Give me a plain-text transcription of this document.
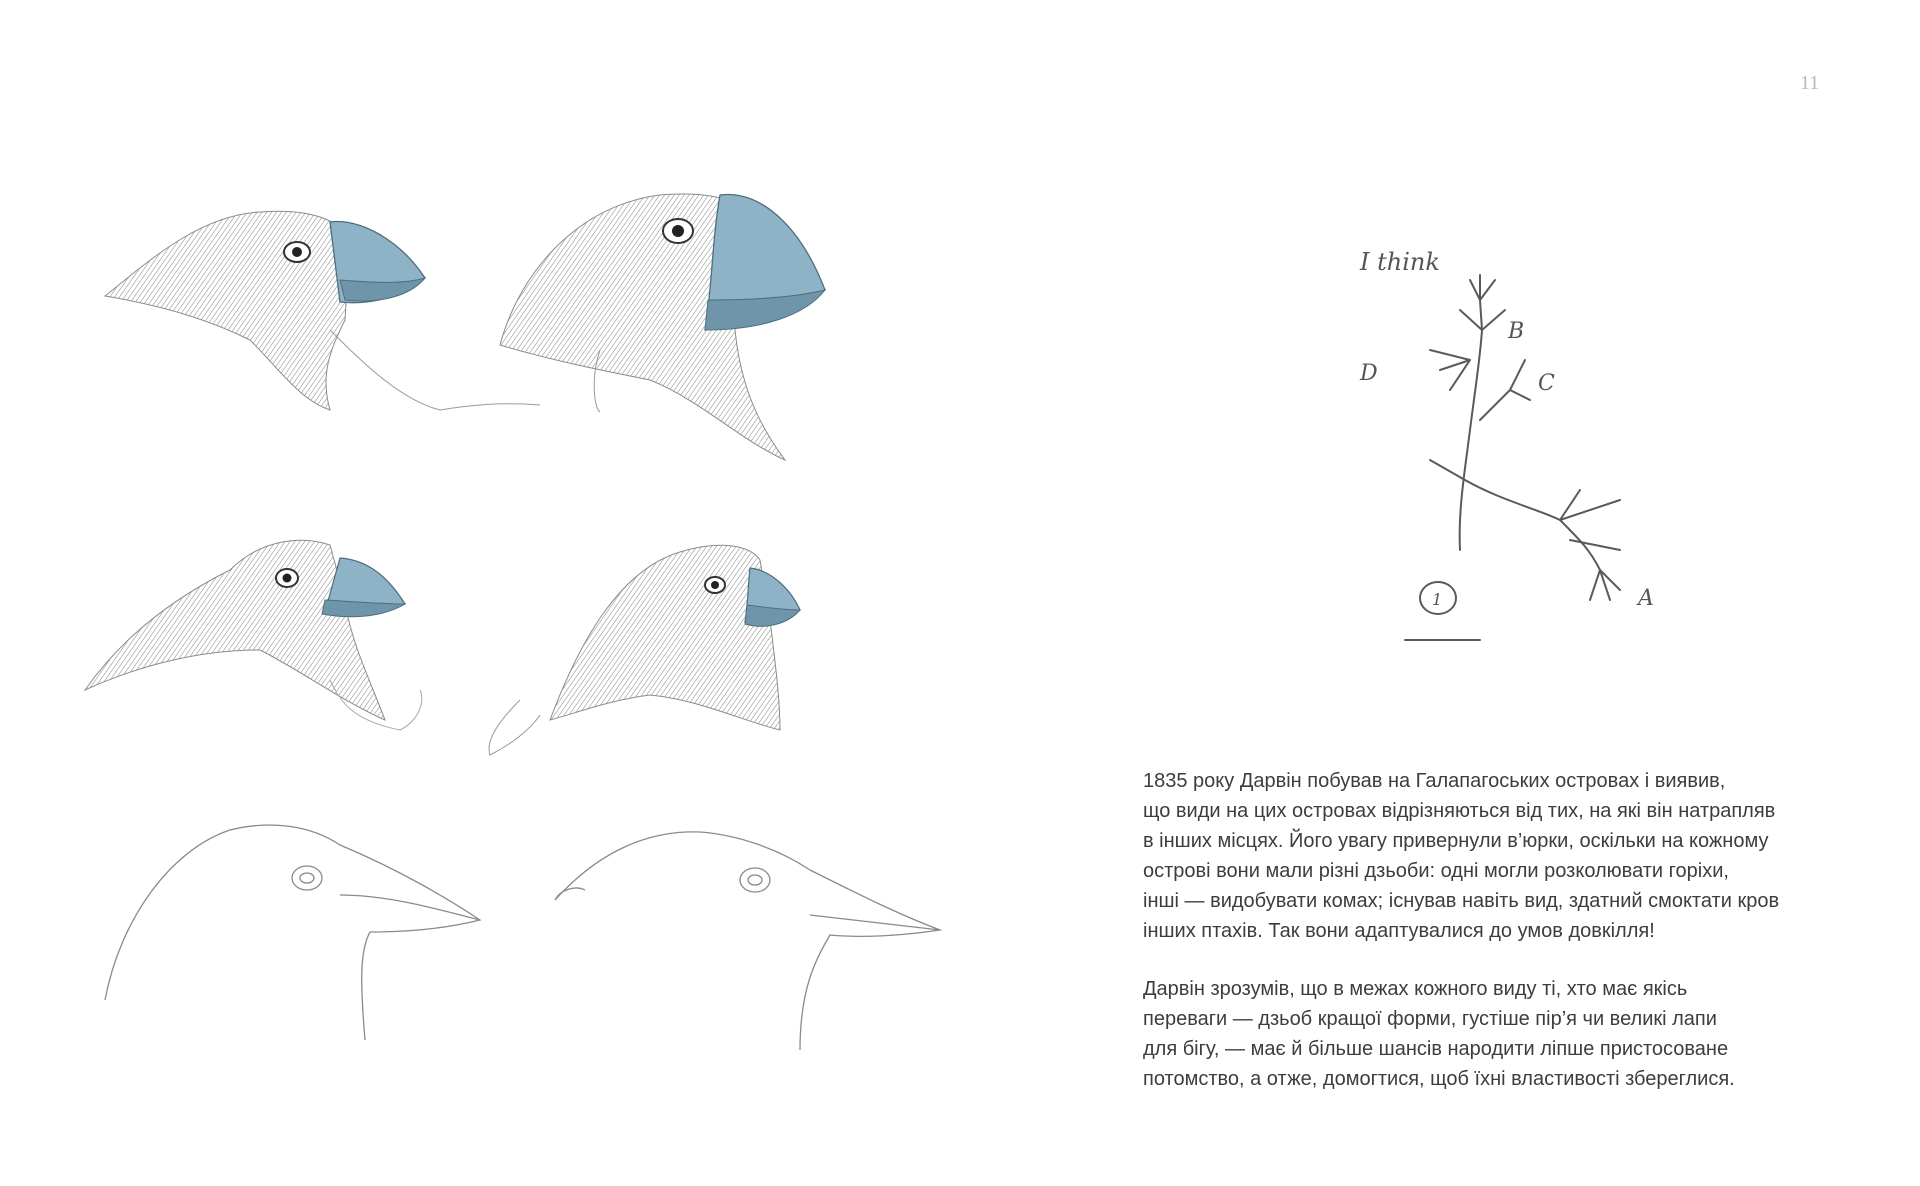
11
I think
B
C
D
A
1

1835 року Дарвін побував на Галапагоських островах і виявив,
що види на цих островах відрізняються від тих, на які він натрапляв
в інших місцях. Його увагу привернули в’юрки, оскільки на кожному
острові вони мали різні дзьоби: одні могли розколювати горіхи,
інші — видобувати комах; існував навіть вид, здатний смоктати кров
інших птахів. Так вони адаптувалися до умов довкілля!

Дарвін зрозумів, що в межах кожного виду ті, хто має якісь
переваги — дзьоб кращої форми, густіше пір’я чи великі лапи
для бігу, — має й більше шансів народити ліпше пристосоване
потомство, а отже, домогтися, щоб їхні властивості збереглися.
